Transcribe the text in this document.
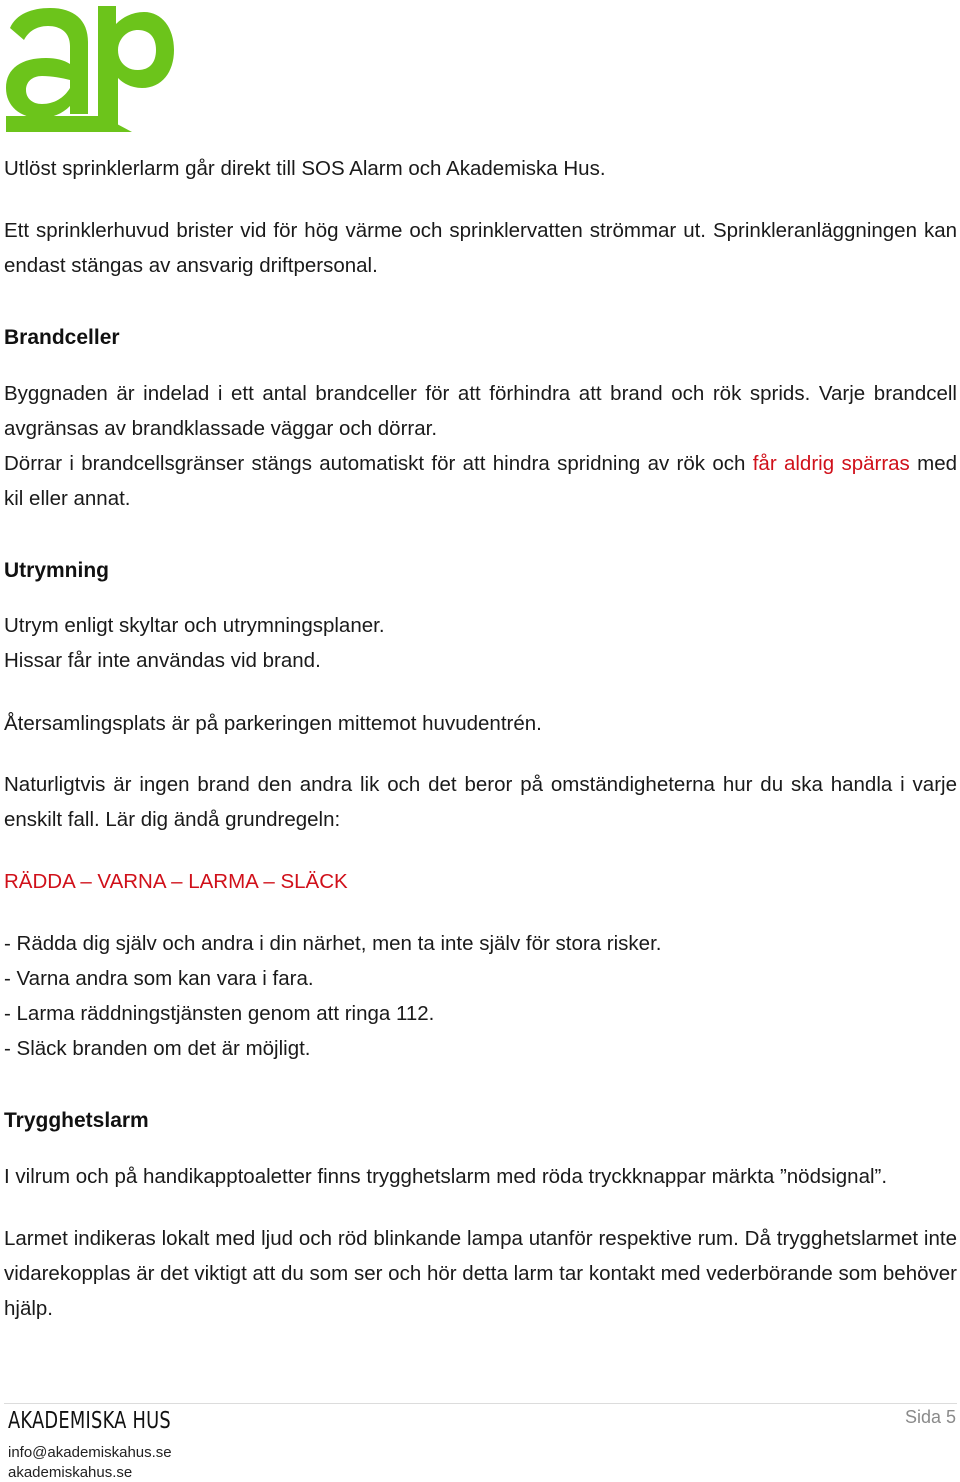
Utlöst sprinklerlarm går direkt till SOS Alarm och Akademiska Hus.

Ett sprinklerhuvud brister vid för hög värme och sprinklervatten strömmar ut. Sprinkleranläggningen kan endast stängas av ansvarig driftpersonal.

Brandceller

Byggnaden är indelad i ett antal brandceller för att förhindra att brand och rök sprids. Varje brandcell avgränsas av brandklassade väggar och dörrar.

Dörrar i brandcellsgränser stängs automatiskt för att hindra spridning av rök och får aldrig spärras med kil eller annat.

Utrymning

Utrym enligt skyltar och utrymningsplaner.
Hissar får inte användas vid brand.

Återsamlingsplats är på parkeringen mittemot huvudentrén.

Naturligtvis är ingen brand den andra lik och det beror på omständigheterna hur du ska handla i varje enskilt fall. Lär dig ändå grundregeln:

RÄDDA – VARNA – LARMA – SLÄCK

- Rädda dig själv och andra i din närhet, men ta inte själv för stora risker.
- Varna andra som kan vara i fara.
- Larma räddningstjänsten genom att ringa 112.
- Släck branden om det är möjligt.

Trygghetslarm

I vilrum och på handikapptoaletter finns trygghetslarm med röda tryckknappar märkta ”nödsignal”.

Larmet indikeras lokalt med ljud och röd blinkande lampa utanför respektive rum. Då trygghetslarmet inte vidarekopplas är det viktigt att du som ser och hör detta larm tar kontakt med vederbörande som behöver hjälp.

AKADEMISKA HUS
info@akademiskahus.se
akademiskahus.se
Sida 5
